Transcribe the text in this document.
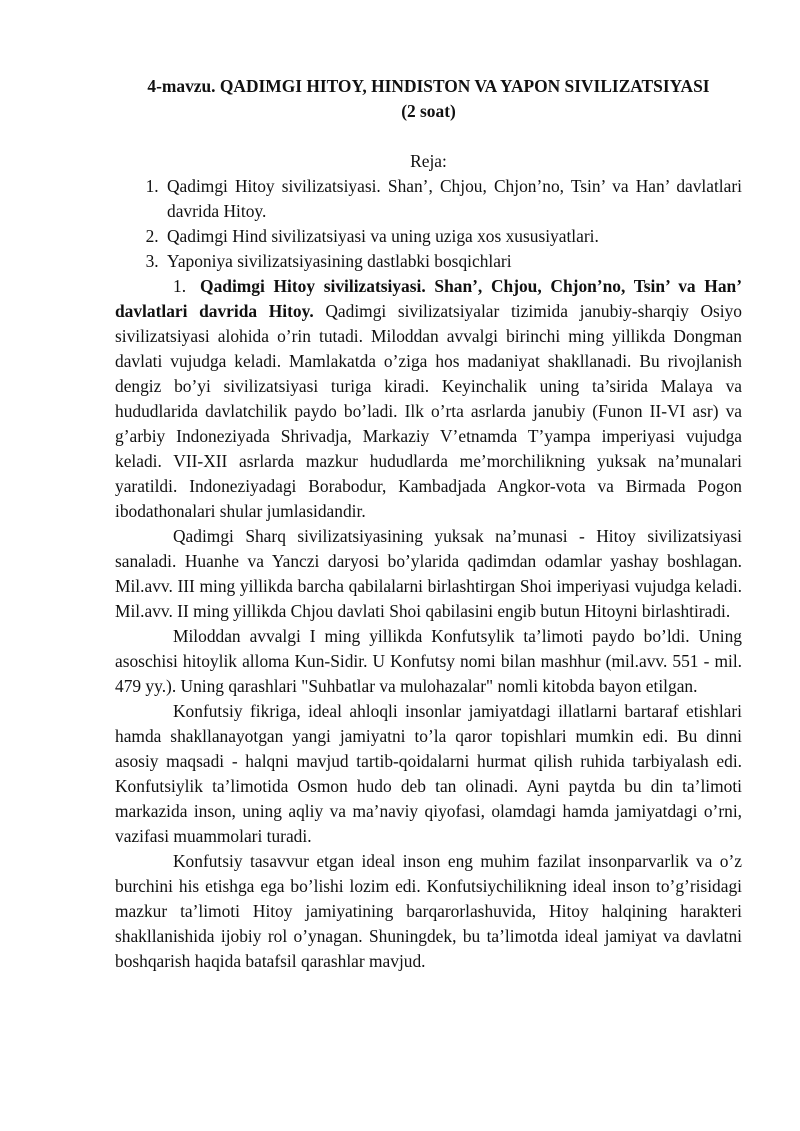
4-mavzu. QADIMGI HITOY, HINDISTON VA YAPON SIVILIZATSIYASI
(2 soat)
Reja:
1. Qadimgi Hitoy sivilizatsiyasi. Shan’, Chjou, Chjon’no, Tsin’ va Han’ davlatlari davrida Hitoy.
2. Qadimgi Hind sivilizatsiyasi va uning uziga xos xususiyatlari.
3. Yaponiya sivilizatsiyasining dastlabki bosqichlari

1. Qadimgi Hitoy sivilizatsiyasi. Shan’, Chjou, Chjon’no, Tsin’ va Han’ davlatlari davrida Hitoy. Qadimgi sivilizatsiyalar tizimida janubiy-sharqiy Osiyo sivilizatsiyasi alohida o’rin tutadi. Miloddan avvalgi birinchi ming yillikda Dongman davlati vujudga keladi. Mamlakatda o’ziga hos madaniyat shakllanadi. Bu rivojlanish dengiz bo’yi sivilizatsiyasi turiga kiradi. Keyinchalik uning ta’sirida Malaya va hududlarida davlatchilik paydo bo’ladi. Ilk o’rta asrlarda janubiy (Funon II-VI asr) va g’arbiy Indoneziyada Shrivadja, Markaziy V’etnamda T’yampa imperiyasi vujudga keladi. VII-XII asrlarda mazkur hududlarda me’morchilikning yuksak na’munalari yaratildi. Indoneziyadagi Borabodur, Kambadjada Angkor-vota va Birmada Pogon ibodathonalari shular jumlasidandir.

Qadimgi Sharq sivilizatsiyasining yuksak na’munasi - Hitoy sivilizatsiyasi sanaladi. Huanhe va Yanczi daryosi bo’ylarida qadimdan odamlar yashay boshlagan. Mil.avv. III ming yillikda barcha qabilalarni birlashtirgan Shoi imperiyasi vujudga keladi. Mil.avv. II ming yillikda Chjou davlati Shoi qabilasini engib butun Hitoyni birlashtiradi.

Miloddan avvalgi I ming yillikda Konfutsylik ta’limoti paydo bo’ldi. Uning asoschisi hitoylik alloma Kun-Sidir. U Konfutsy nomi bilan mashhur (mil.avv. 551 - mil. 479 yy.). Uning qarashlari "Suhbatlar va mulohazalar" nomli kitobda bayon etilgan.

Konfutsiy fikriga, ideal ahloqli insonlar jamiyatdagi illatlarni bartaraf etishlari hamda shakllanayotgan yangi jamiyatni to’la qaror topishlari mumkin edi. Bu dinni asosiy maqsadi - halqni mavjud tartib-qoidalarni hurmat qilish ruhida tarbiyalash edi. Konfutsiylik ta’limotida Osmon hudo deb tan olinadi. Ayni paytda bu din ta’limoti markazida inson, uning aqliy va ma’naviy qiyofasi, olamdagi hamda jamiyatdagi o’rni, vazifasi muammolari turadi.

Konfutsiy tasavvur etgan ideal inson eng muhim fazilat insonparvarlik va o’z burchini his etishga ega bo’lishi lozim edi. Konfutsiychilikning ideal inson to’g’risidagi mazkur ta’limoti Hitoy jamiyatining barqarorlashuvida, Hitoy halqining harakteri shakllanishida ijobiy rol o’ynagan. Shuningdek, bu ta’limotda ideal jamiyat va davlatni boshqarish haqida batafsil qarashlar mavjud.
